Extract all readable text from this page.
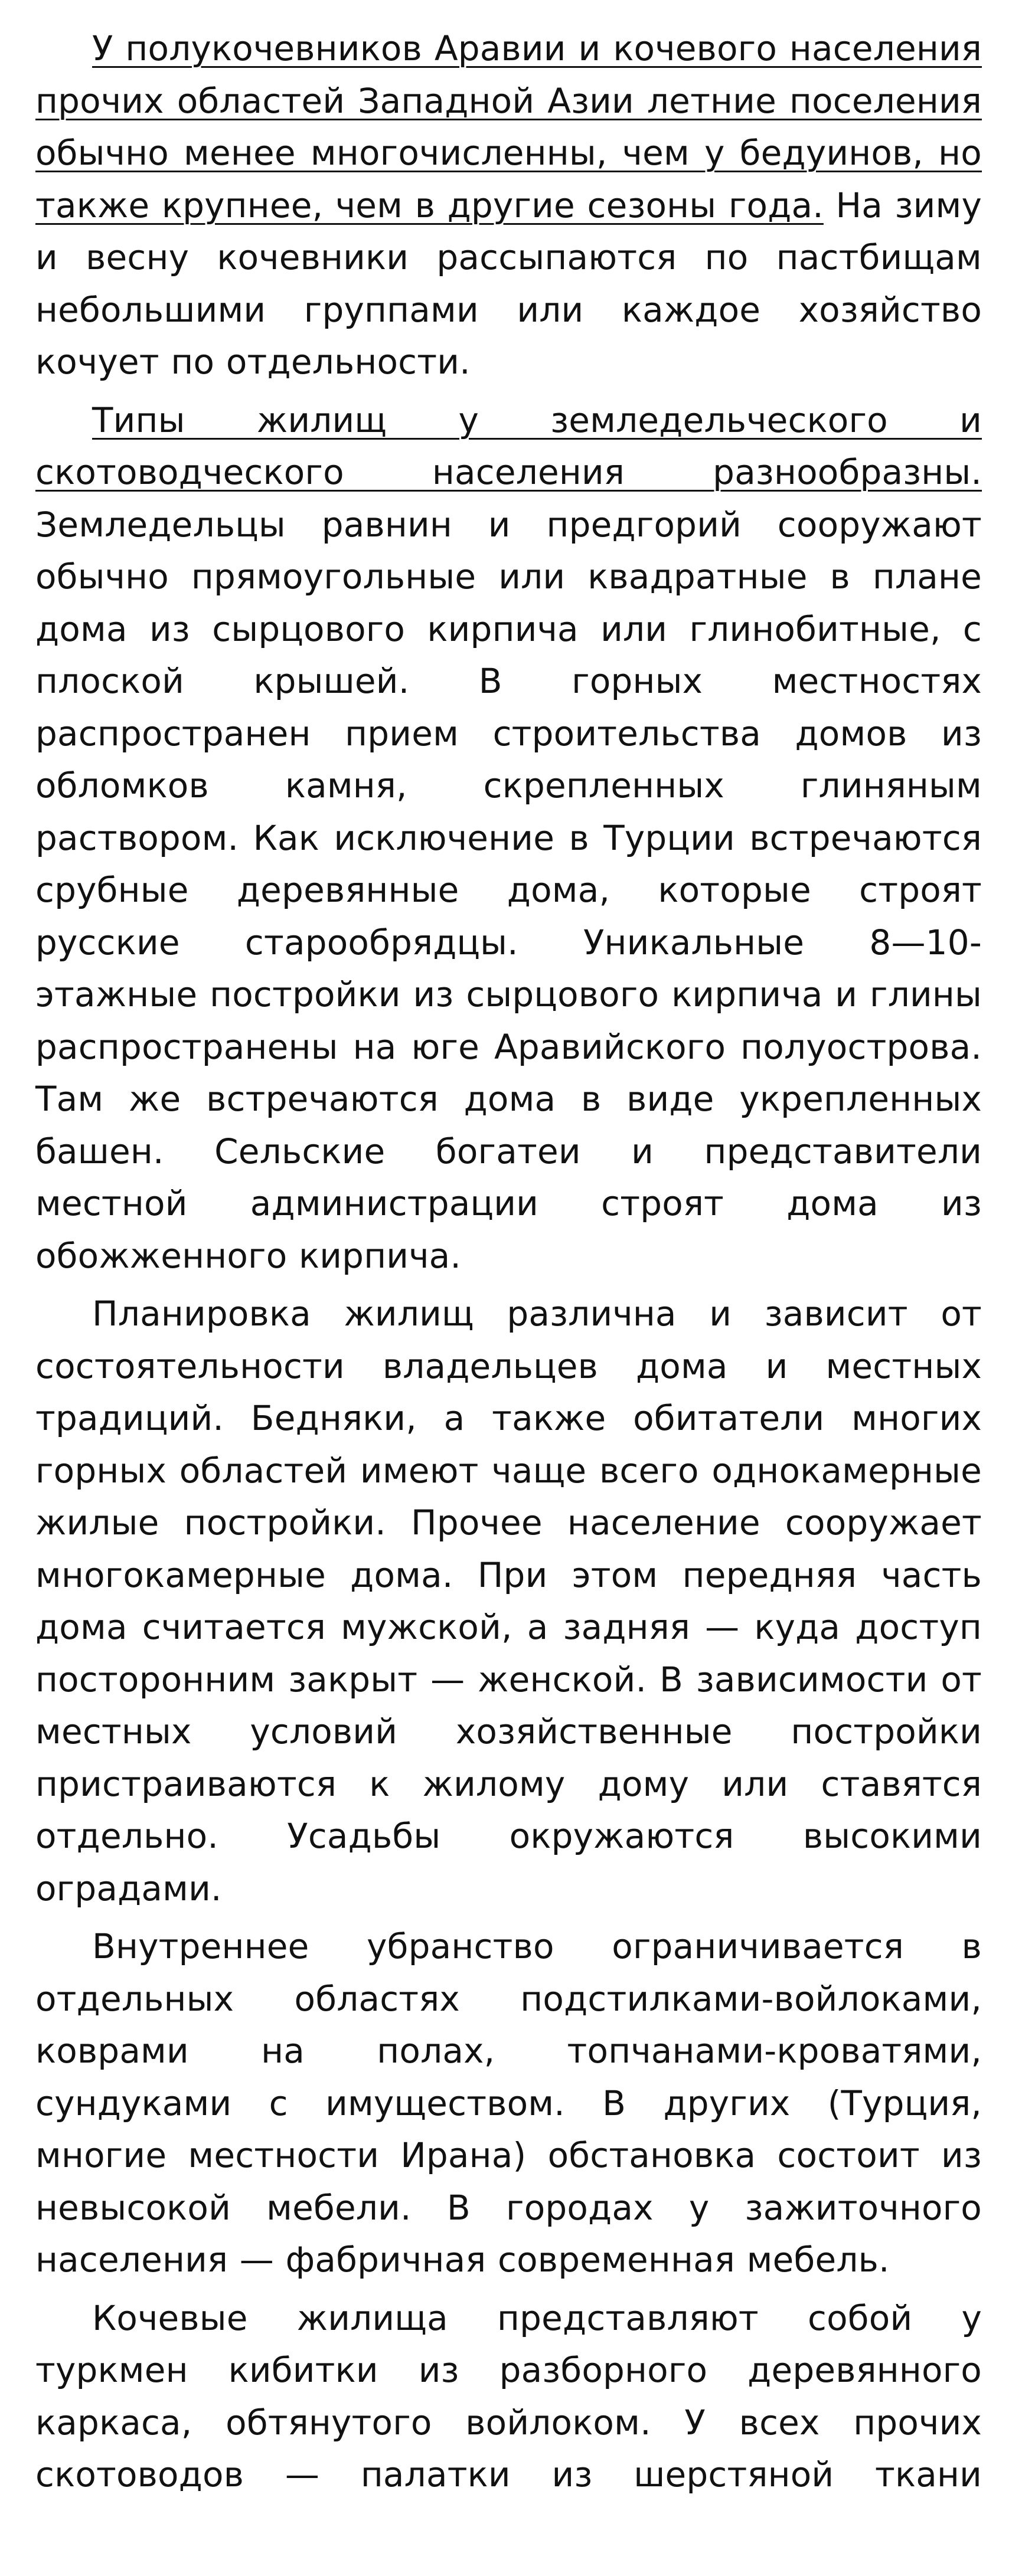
У полукочевников Аравии и кочевого населения прочих областей Западной Азии летние поселения обычно менее многочисленны, чем у бедуинов, но также крупнее, чем в другие сезоны года. На зиму и весну кочевники рассыпаются по пастбищам небольшими группами или каждое хозяйство кочует по отдельности.

Типы жилищ у земледельческого и скотоводческого населения разнообразны. Земледельцы равнин и предгорий сооружают обычно прямоугольные или квадратные в плане дома из сырцового кирпича или глинобитные, с плоской крышей. В горных местностях распространен прием строительства домов из обломков камня, скрепленных глиняным раствором. Как исключение в Турции встречаются срубные деревянные дома, которые строят русские старообрядцы. Уникальные 8—10-этажные постройки из сырцового кирпича и глины распространены на юге Аравийского полуострова. Там же встречаются дома в виде укрепленных башен. Сельские богатеи и представители местной администрации строят дома из обожженного кирпича.

Планировка жилищ различна и зависит от состоятельности владельцев дома и местных традиций. Бедняки, а также обитатели многих горных областей имеют чаще всего однокамерные жилые постройки. Прочее население сооружает многокамерные дома. При этом передняя часть дома считается мужской, а задняя — куда доступ посторонним закрыт — женской. В зависимости от местных условий хозяйственные постройки пристраиваются к жилому дому или ставятся отдельно. Усадьбы окружаются высокими оградами.

Внутреннее убранство ограничивается в отдельных областях подстилками-войлоками, коврами на полах, топчанами-кроватями, сундуками с имуществом. В других (Турция, многие местности Ирана) обстановка состоит из невысокой мебели. В городах у зажиточного населения — фабричная современная мебель.

Кочевые жилища представляют собой у туркмен кибитки из разборного деревянного каркаса, обтянутого войлоком. У всех прочих скотоводов — палатки из шерстяной ткани
